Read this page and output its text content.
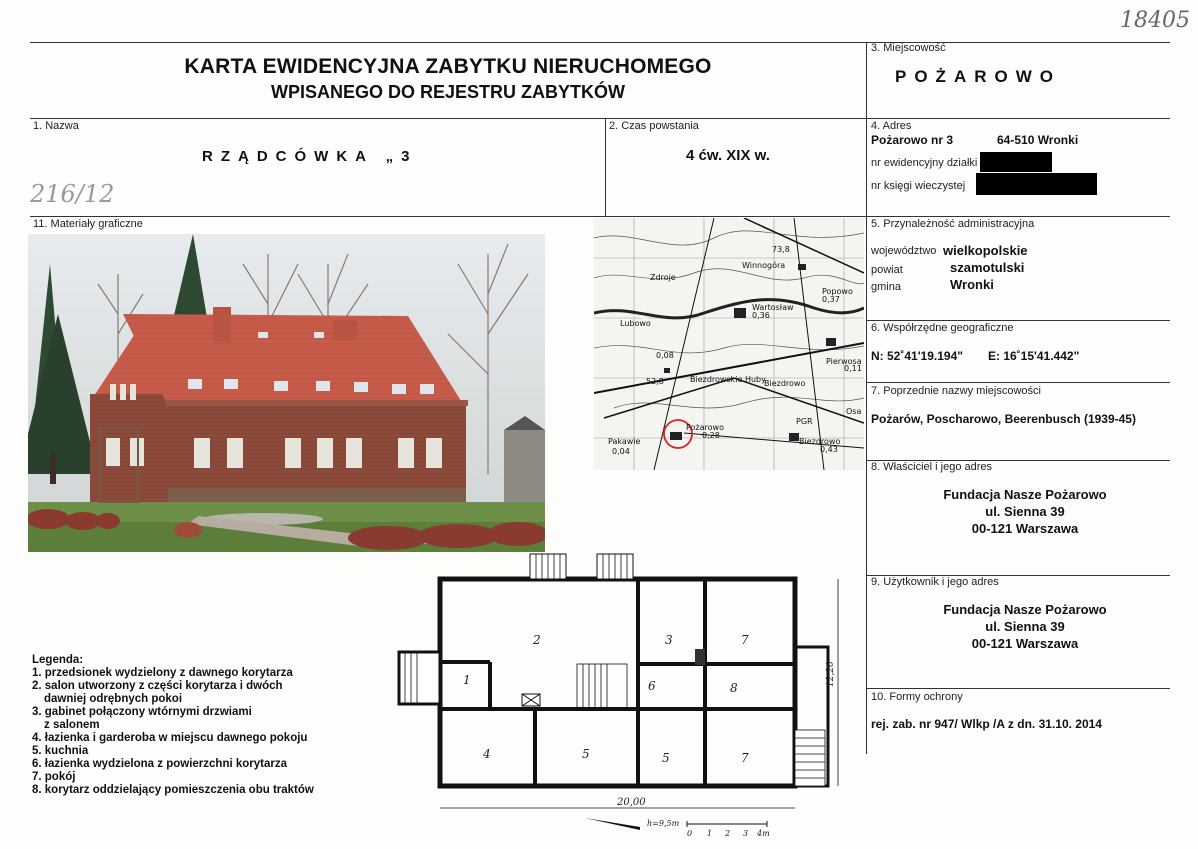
18405
216/12
KARTA EWIDENCYJNA ZABYTKU NIERUCHOMEGO
WPISANEGO DO REJESTRU ZABYTKÓW
3. Miejscowość
POŻAROWO
1. Nazwa
RZĄDCÓWKA „3
2. Czas powstania
4 ćw. XIX w.
4. Adres
Pożarowo nr 3	64-510 Wronki
nr ewidencyjny działki
nr księgi wieczystej
11. Materiały graficzne
Wartosław
Popowo
Pierwosa
Biezdrowo
Pożarowo
Biezdrowo
Lubowo
Zdroje
Winnogóra
Biezdrowskie Huby
Pakawie
Osa
PGR
0,36
0,37
0,11
0,28
0,43
0,04
0,08
73,8
52,8
5. Przynależność administracyjna
województwo wielkopolskie
powiat	szamotulski
gmina	Wronki
6. Współrzędne geograficzne
N: 52˚41'19.194" E: 16˚15'41.442"
7. Poprzednie nazwy miejscowości
Pożarów, Poscharowo, Beerenbusch (1939-45)
8. Właściciel i jego adres
Fundacja Nasze Pożarowo
ul. Sienna 39
00-121 Warszawa
9. Użytkownik i jego adres
Fundacja Nasze Pożarowo
ul. Sienna 39
00-121 Warszawa
10. Formy ochrony
rej. zab. nr 947/ Wlkp /A z dn. 31.10. 2014
Legenda:
1. przedsionek wydzielony z dawnego korytarza
2. salon utworzony z części korytarza i dwóch
dawniej odrębnych pokoi
3. gabinet połączony wtórnymi drzwiami
z salonem
4. łazienka i garderoba w miejscu dawnego pokoju
5. kuchnia
6. łazienka wydzielona z powierzchni korytarza
7. pokój
8. korytarz oddzielający pomieszczenia obu traktów
2
1
3	7
6	8
4	5	5	7
20,00
12,20
h=9,5m
0 1 2 3 4m
